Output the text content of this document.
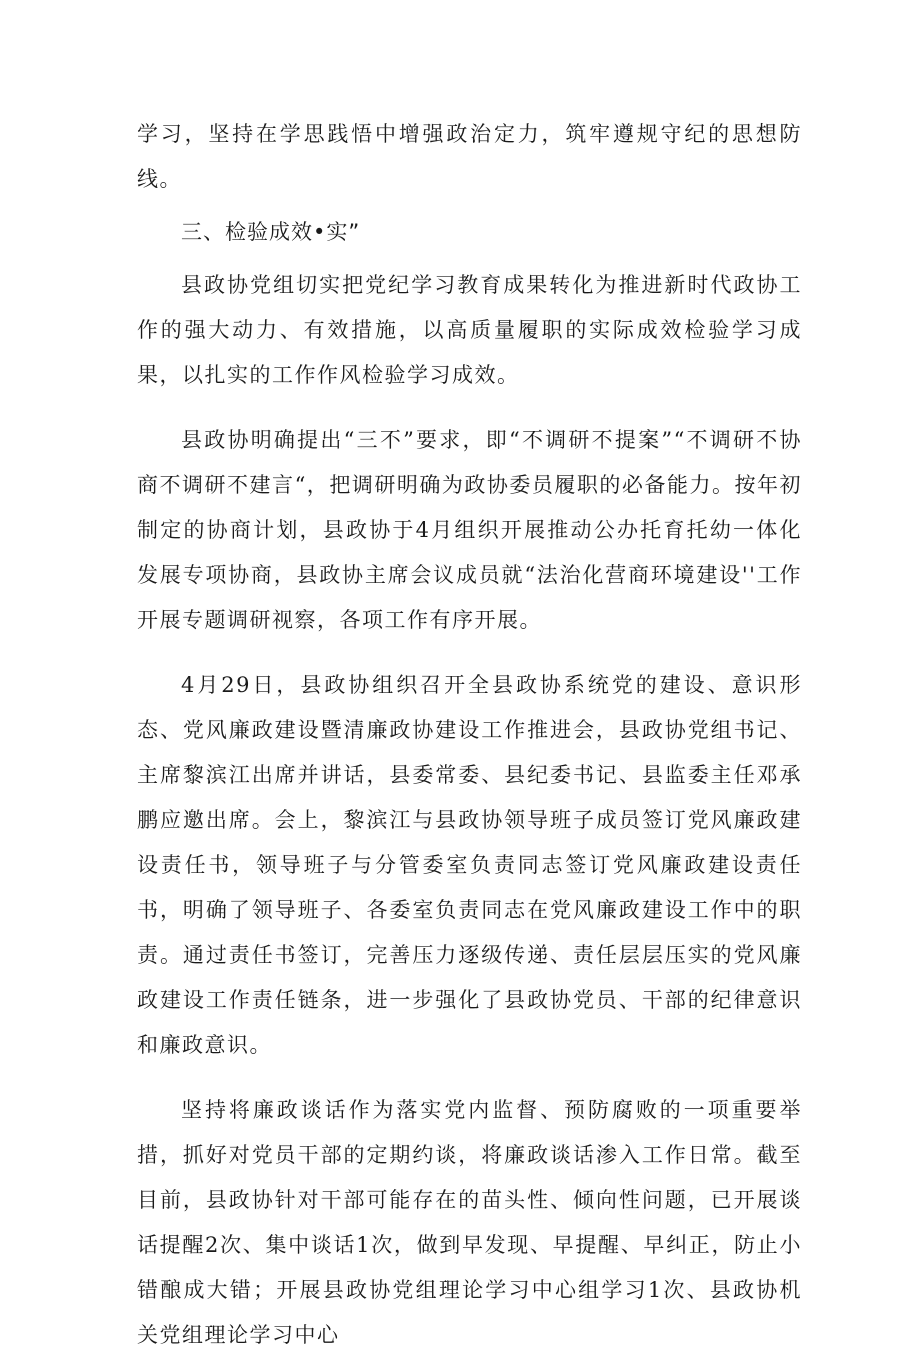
学习，坚持在学思践悟中增强政治定力，筑牢遵规守纪的思想防线。

三、检验成效•实”

县政协党组切实把党纪学习教育成果转化为推进新时代政协工作的强大动力、有效措施，以高质量履职的实际成效检验学习成果，以扎实的工作作风检验学习成效。

县政协明确提出“三不”要求，即“不调研不提案”“不调研不协商不调研不建言“，把调研明确为政协委员履职的必备能力。按年初制定的协商计划，县政协于4月组织开展推动公办托育托幼一体化发展专项协商，县政协主席会议成员就“法治化营商环境建设''工作开展专题调研视察，各项工作有序开展。

4月29日，县政协组织召开全县政协系统党的建设、意识形态、党风廉政建设暨清廉政协建设工作推进会，县政协党组书记、主席黎滨江出席并讲话，县委常委、县纪委书记、县监委主任邓承鹏应邀出席。会上，黎滨江与县政协领导班子成员签订党风廉政建设责任书，领导班子与分管委室负责同志签订党风廉政建设责任书，明确了领导班子、各委室负责同志在党风廉政建设工作中的职责。通过责任书签订，完善压力逐级传递、责任层层压实的党风廉政建设工作责任链条，进一步强化了县政协党员、干部的纪律意识和廉政意识。

坚持将廉政谈话作为落实党内监督、预防腐败的一项重要举措，抓好对党员干部的定期约谈，将廉政谈话渗入工作日常。截至目前，县政协针对干部可能存在的苗头性、倾向性问题，已开展谈话提醒2次、集中谈话1次，做到早发现、早提醒、早纠正，防止小错酿成大错；开展县政协党组理论学习中心组学习1次、县政协机关党组理论学习中心
